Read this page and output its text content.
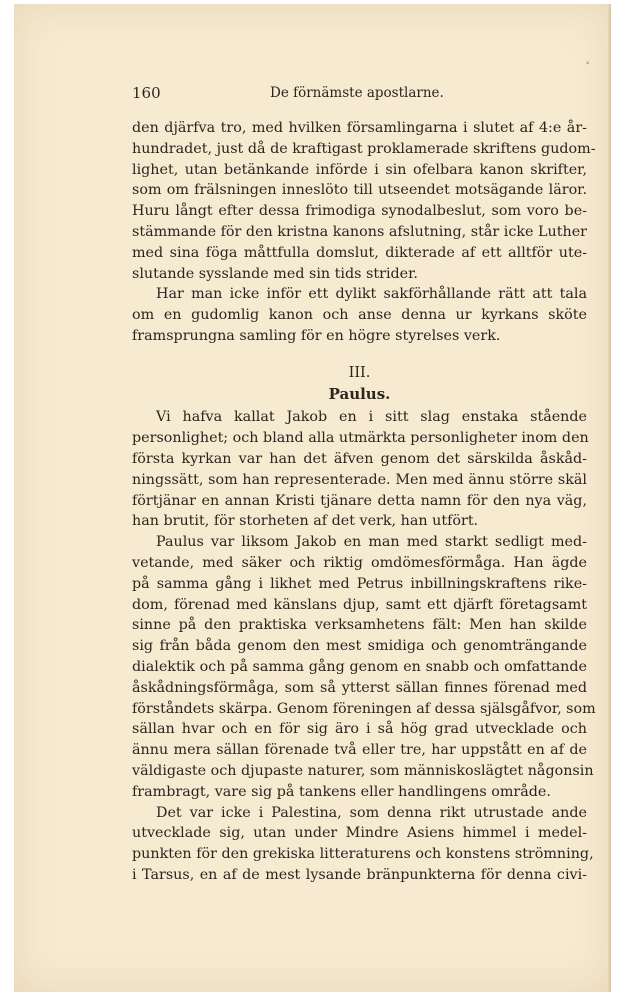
⸗
160	De förnämste apostlarne.
den djärfva tro, med hvilken församlingarna i slutet af 4:e år-
hundradet, just då de kraftigast proklamerade skriftens gudom-
lighet, utan betänkande införde i sin ofelbara kanon skrifter,
som om frälsningen inneslöto till utseendet motsägande läror.
Huru långt efter dessa frimodiga synodalbeslut, som voro be-
stämmande för den kristna kanons afslutning, står icke Luther
med sina föga måttfulla domslut, dikterade af ett alltför ute-
slutande sysslande med sin tids strider.
Har man icke inför ett dylikt sakförhållande rätt att tala
om en gudomlig kanon och anse denna ur kyrkans sköte
framsprungna samling för en högre styrelses verk.
III.
Paulus.
Vi hafva kallat Jakob en i sitt slag enstaka stående
personlighet; och bland alla utmärkta personligheter inom den
första kyrkan var han det äfven genom det särskilda åskåd-
ningssätt, som han representerade. Men med ännu större skäl
förtjänar en annan Kristi tjänare detta namn för den nya väg,
han brutit, för storheten af det verk, han utfört.
Paulus var liksom Jakob en man med starkt sedligt med-
vetande, med säker och riktig omdömesförmåga. Han ägde
på samma gång i likhet med Petrus inbillningskraftens rike-
dom, förenad med känslans djup, samt ett djärft företagsamt
sinne på den praktiska verksamhetens fält: Men han skilde
sig från båda genom den mest smidiga och genomträngande
dialektik och på samma gång genom en snabb och omfattande
åskådningsförmåga, som så ytterst sällan finnes förenad med
förståndets skärpa. Genom föreningen af dessa själsgåfvor, som
sällan hvar och en för sig äro i så hög grad utvecklade och
ännu mera sällan förenade två eller tre, har uppstått en af de
väldigaste och djupaste naturer, som människoslägtet någonsin
frambragt, vare sig på tankens eller handlingens område.
Det var icke i Palestina, som denna rikt utrustade ande
utvecklade sig, utan under Mindre Asiens himmel i medel-
punkten för den grekiska litteraturens och konstens strömning,
i Tarsus, en af de mest lysande bränpunkterna för denna civi-
